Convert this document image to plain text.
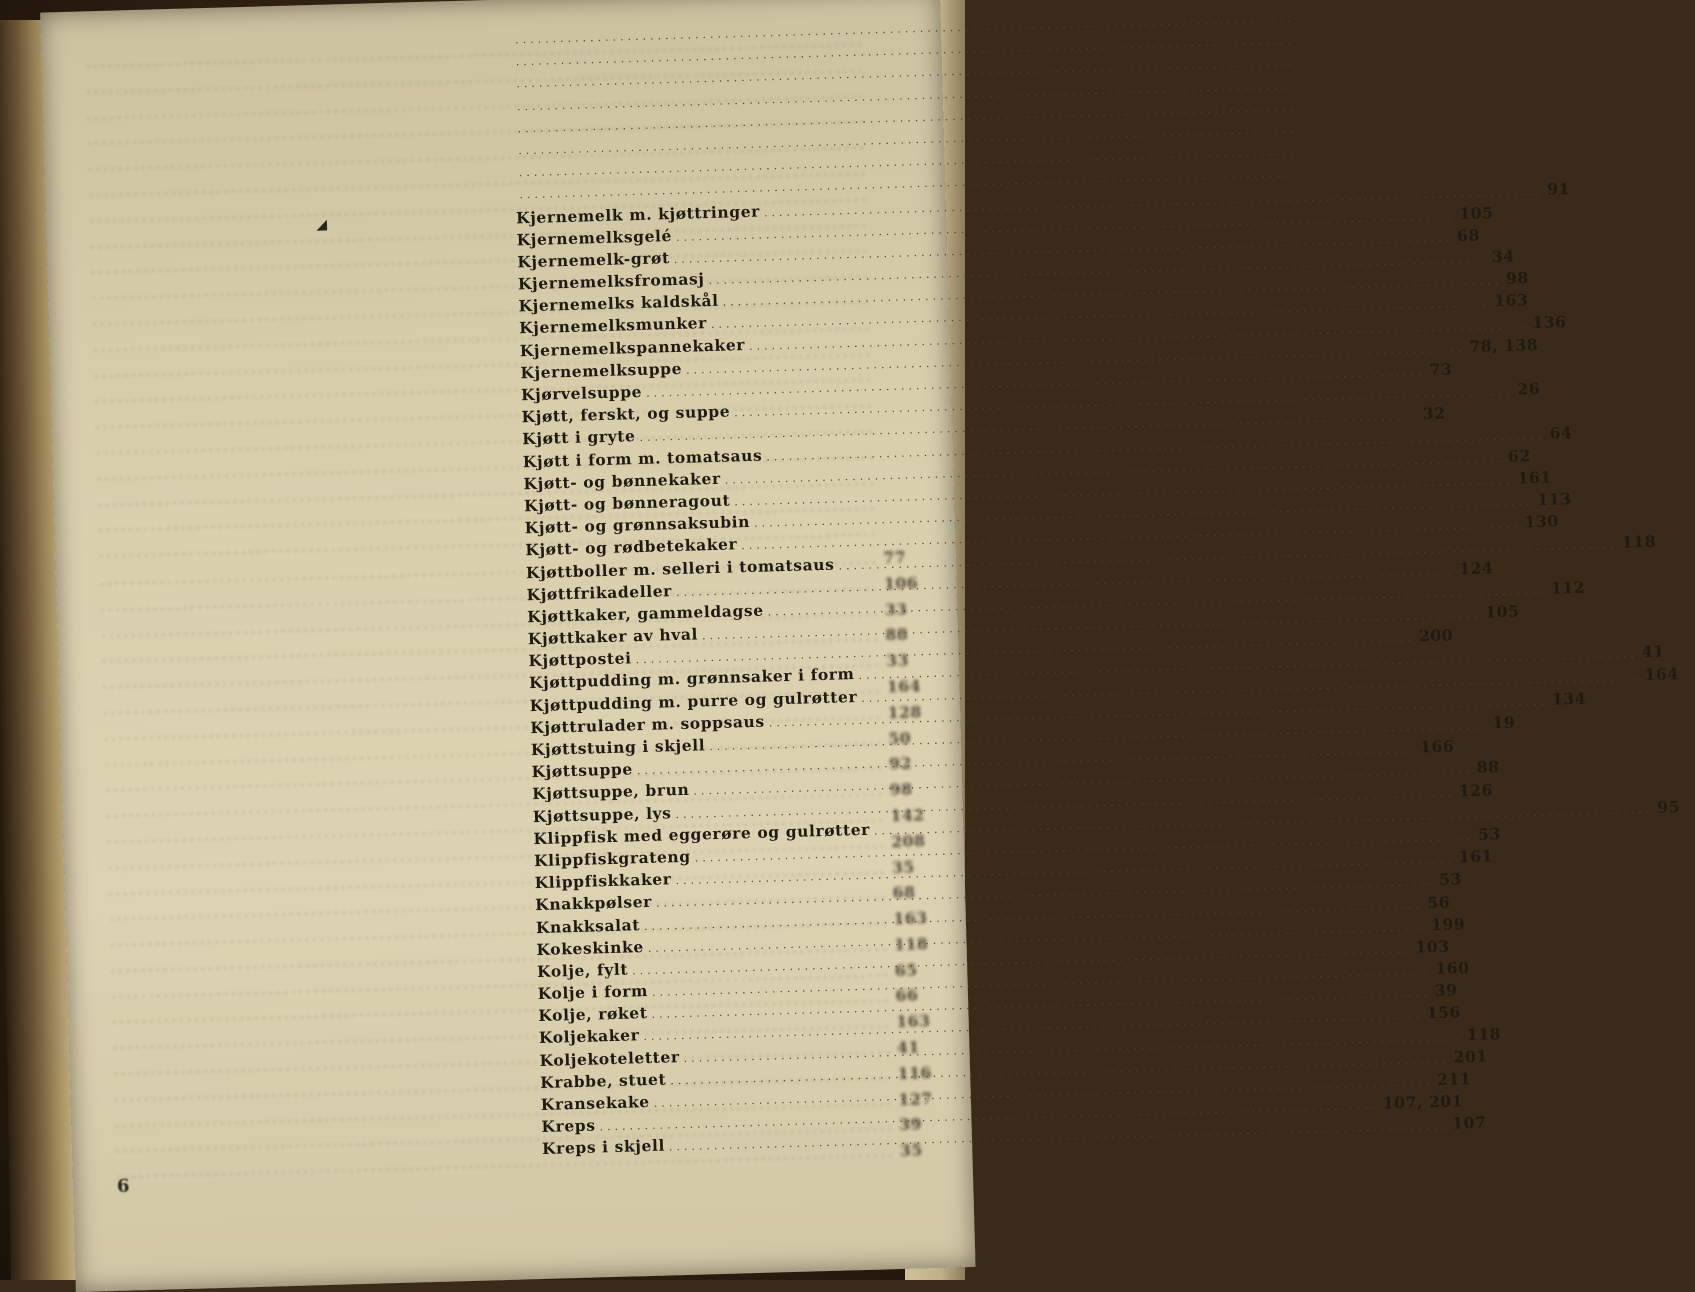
.....
.....
.....
.....
.....
.....
.....
.....
.....
.....
.....
.....
.....
.....
.....
.....
.....
.....
.....
.....
.....
77
.....
106
.....
33
.....
88
.....
33
.....
164
.....
128
.....
50
.....
92
.....
98
.....
142
.....
208
.....
35
.....
68
.....
163
.....
118
.....
65
.....
66
.....
163
.....
41
.....
116
.....
127
.....
39
.....
35
.....
.....
.....
.....
.....
.....
.....
.....
Kjernemelk m. kjøttringer
.....
91
Kjernemelksgelé
.....
105
Kjernemelk-grøt
.....
68
Kjernemelksfromasj
.....
34
Kjernemelks kaldskål
.....
98
Kjernemelksmunker
.....
163
Kjernemelkspannekaker
.....
136
Kjernemelksuppe
.....
78, 138
Kjørvelsuppe
.....
73
Kjøtt, ferskt, og suppe
.....
26
Kjøtt i gryte
.....
32
Kjøtt i form m. tomatsaus
.....
64
Kjøtt- og bønnekaker
.....
62
Kjøtt- og bønneragout
.....
161
Kjøtt- og grønnsaksubin
.....
113
Kjøtt- og rødbetekaker
.....
130
Kjøttboller m. selleri i tomatsaus
.....
118
Kjøttfrikadeller
.....
124
Kjøttkaker, gammeldagse
.....
112
Kjøttkaker av hval
.....
105
Kjøttpostei
.....
200
Kjøttpudding m. grønnsaker i form
.....
41
Kjøttpudding m. purre og gulrøtter
.....
164
Kjøttrulader m. soppsaus
.....
134
Kjøttstuing i skjell
.....
19
Kjøttsuppe
.....
166
Kjøttsuppe, brun
.....
88
Kjøttsuppe, lys
.....
126
Klippfisk med eggerøre og gulrøtter
.....
95
Klippfiskgrateng
.....
53
Klippfiskkaker
.....
161
Knakkpølser
.....
53
Knakksalat
.....
56
Kokeskinke
.....
199
Kolje, fylt
.....
103
Kolje i form
.....
160
Kolje, røket
.....
39
Koljekaker
.....
156
Koljekoteletter
.....
118
Krabbe, stuet
.....
201
Kransekake
.....
211
Kreps
.....
107, 201
Kreps i skjell
.....
107
◢
6
